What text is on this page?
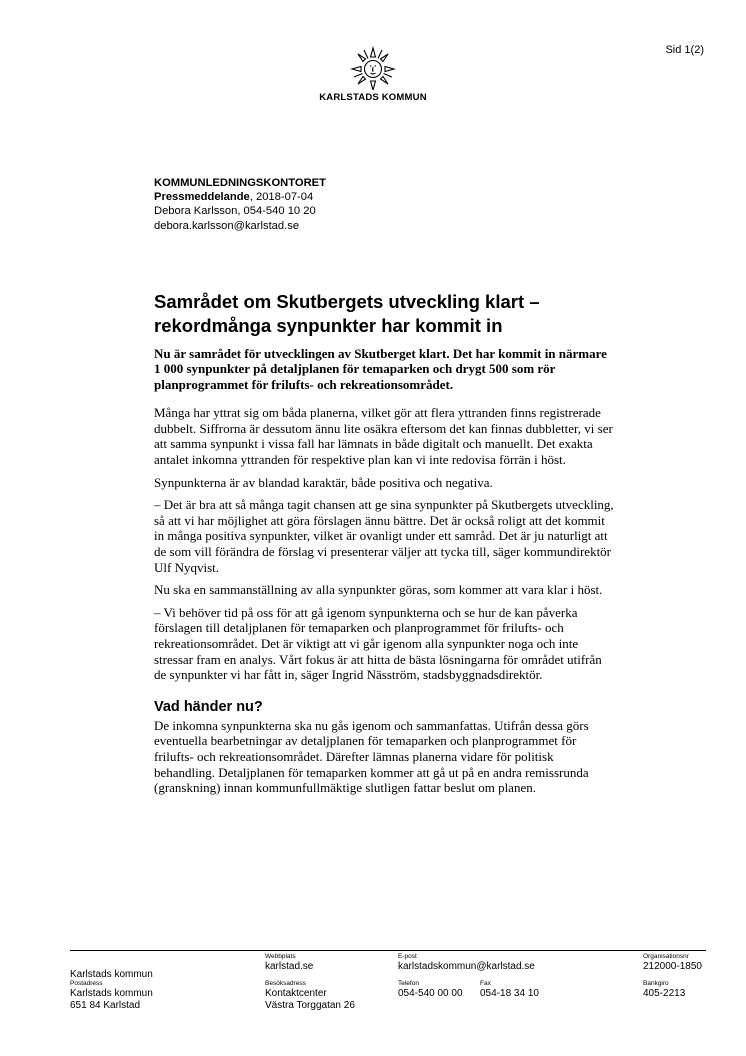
Sid 1(2)
KARLSTADS KOMMUN
KOMMUNLEDNINGSKONTORET
Pressmeddelande, 2018-07-04
Debora Karlsson, 054-540 10 20
debora.karlsson@karlstad.se
Samrådet om Skutbergets utveckling klart – rekordmånga synpunkter har kommit in

Nu är samrådet för utvecklingen av Skutberget klart. Det har kommit in närmare 1 000 synpunkter på detaljplanen för temaparken och drygt 500 som rör planprogrammet för frilufts- och rekreationsområdet.

Många har yttrat sig om båda planerna, vilket gör att flera yttranden finns registrerade dubbelt. Siffrorna är dessutom ännu lite osäkra eftersom det kan finnas dubbletter, vi ser att samma synpunkt i vissa fall har lämnats in både digitalt och manuellt. Det exakta antalet inkomna yttranden för respektive plan kan vi inte redovisa förrän i höst.

Synpunkterna är av blandad karaktär, både positiva och negativa.

– Det är bra att så många tagit chansen att ge sina synpunkter på Skutbergets utveckling, så att vi har möjlighet att göra förslagen ännu bättre. Det är också roligt att det kommit in många positiva synpunkter, vilket är ovanligt under ett samråd. Det är ju naturligt att de som vill förändra de förslag vi presenterar väljer att tycka till, säger kommundirektör Ulf Nyqvist.

Nu ska en sammanställning av alla synpunkter göras, som kommer att vara klar i höst.

– Vi behöver tid på oss för att gå igenom synpunkterna och se hur de kan påverka förslagen till detaljplanen för temaparken och planprogrammet för frilufts- och rekreationsområdet. Det är viktigt att vi går igenom alla synpunkter noga och inte stressar fram en analys. Vårt fokus är att hitta de bästa lösningarna för området utifrån de synpunkter vi har fått in, säger Ingrid Näsström, stadsbyggnadsdirektör.

Vad händer nu?

De inkomna synpunkterna ska nu gås igenom och sammanfattas. Utifrån dessa görs eventuella bearbetningar av detaljplanen för temaparken och planprogrammet för frilufts- och rekreationsområdet. Därefter lämnas planerna vidare för politisk behandling. Detaljplanen för temaparken kommer att gå ut på en andra remissrunda (granskning) innan kommunfullmäktige slutligen fattar beslut om planen.

Karlstads kommun
Webbplats
karlstad.se
E-post
karlstadskommun@karlstad.se
Organisationsnr
212000-1850
Postadress
Karlstads kommun
651 84 Karlstad
Besöksadress
Kontaktcenter
Västra Torggatan 26
Telefon
054-540 00 00
Fax
054-18 34 10
Bankgiro
405-2213
